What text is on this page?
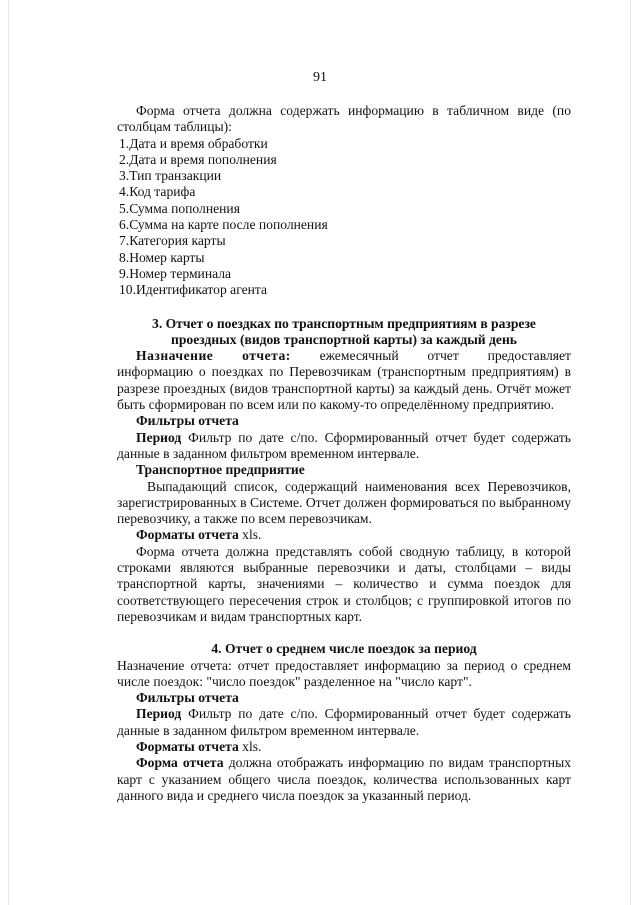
91

Форма отчета должна содержать информацию в табличном виде (по столбцам таблицы):

1.Дата и время обработки
2.Дата и время пополнения
3.Тип транзакции
4.Код тарифа
5.Сумма пополнения
6.Сумма на карте после пополнения
7.Категория карты
8.Номер карты
9.Номер терминала
10.Идентификатор агента
3. Отчет о поездках по транспортным предприятиям в разрезе
проездных (видов транспортной карты) за каждый день
Назначение отчета: ежемесячный отчет предоставляет

информацию о поездках по Перевозчикам (транспортным предприятиям) в разрезе проездных (видов транспортной карты) за каждый день. Отчёт может быть сформирован по всем или по какому-то определённому предприятию.

Фильтры отчета

Период Фильтр по дате с/по. Сформированный отчет будет содержать данные в заданном фильтром временном интервале.

Транспортное предприятие

Выпадающий список, содержащий наименования всех Перевозчиков, зарегистрированных в Системе. Отчет должен формироваться по выбранному перевозчику, а также по всем перевозчикам.

Форматы отчета xls.

Форма отчета должна представлять собой сводную таблицу, в которой строками являются выбранные перевозчики и даты, столбцами – виды транспортной карты, значениями – количество и сумма поездок для соответствующего пересечения строк и столбцов; с группировкой итогов по перевозчикам и видам транспортных карт.

4. Отчет о среднем числе поездок за период

Назначение отчета: отчет предоставляет информацию за период о среднем числе поездок: "число поездок" разделенное на "число карт".

Фильтры отчета

Период Фильтр по дате с/по. Сформированный отчет будет содержать данные в заданном фильтром временном интервале.

Форматы отчета xls.

Форма отчета должна отображать информацию по видам транспортных карт с указанием общего числа поездок, количества использованных карт данного вида и среднего числа поездок за указанный период.
